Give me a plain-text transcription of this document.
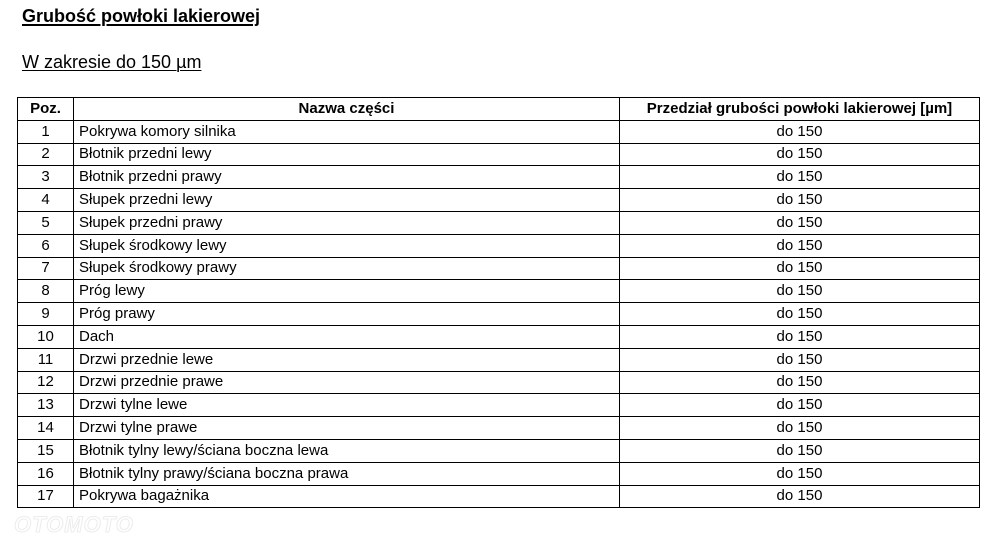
Grubość powłoki lakierowej
W zakresie do 150 µm
Poz.	Nazwa części	Przedział grubości powłoki lakierowej [µm]
1	Pokrywa komory silnika	do 150
2	Błotnik przedni lewy	do 150
3	Błotnik przedni prawy	do 150
4	Słupek przedni lewy	do 150
5	Słupek przedni prawy	do 150
6	Słupek środkowy lewy	do 150
7	Słupek środkowy prawy	do 150
8	Próg lewy	do 150
9	Próg prawy	do 150
10	Dach	do 150
11	Drzwi przednie lewe	do 150
12	Drzwi przednie prawe	do 150
13	Drzwi tylne lewe	do 150
14	Drzwi tylne prawe	do 150
15	Błotnik tylny lewy/ściana boczna lewa	do 150
16	Błotnik tylny prawy/ściana boczna prawa	do 150
17	Pokrywa bagażnika	do 150
OTOMOTO
